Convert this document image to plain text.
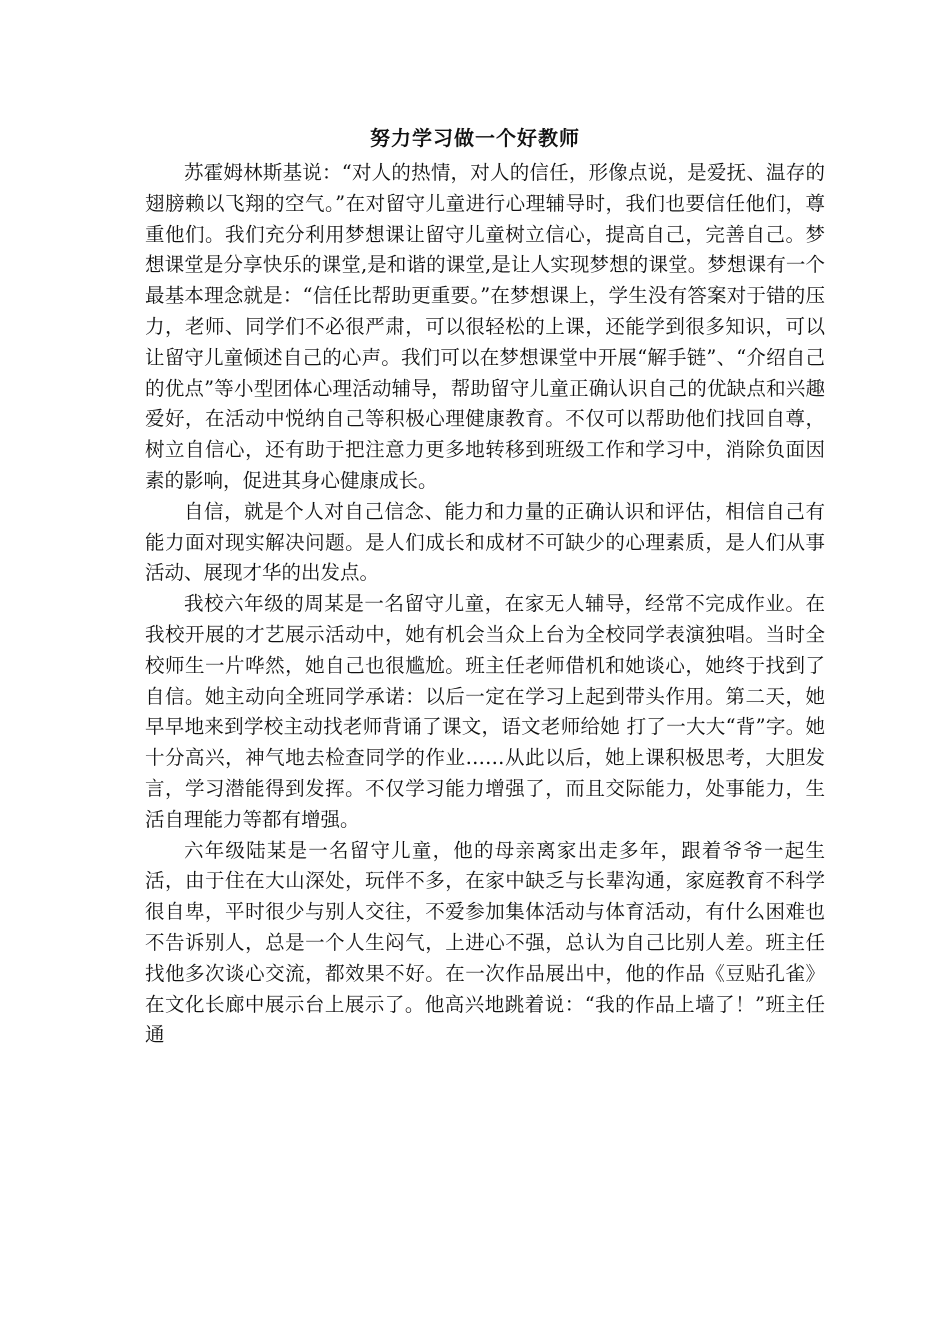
努力学习做一个好教师

苏霍姆林斯基说：“对人的热情，对人的信任，形像点说，是爱抚、温存的翅膀赖以飞翔的空气。”在对留守儿童进行心理辅导时，我们也要信任他们，尊重他们。我们充分利用梦想课让留守儿童树立信心，提高自己，完善自己。梦想课堂是分享快乐的课堂,是和谐的课堂,是让人实现梦想的课堂。梦想课有一个最基本理念就是：“信任比帮助更重要。”在梦想课上，学生没有答案对于错的压力，老师、同学们不必很严肃，可以很轻松的上课，还能学到很多知识，可以让留守儿童倾述自己的心声。我们可以在梦想课堂中开展“解手链”、“介绍自己的优点”等小型团体心理活动辅导，帮助留守儿童正确认识自己的优缺点和兴趣爱好，在活动中悦纳自己等积极心理健康教育。不仅可以帮助他们找回自尊，树立自信心，还有助于把注意力更多地转移到班级工作和学习中，消除负面因素的影响，促进其身心健康成长。

自信，就是个人对自己信念、能力和力量的正确认识和评估，相信自己有能力面对现实解决问题。是人们成长和成材不可缺少的心理素质，是人们从事活动、展现才华的出发点。

我校六年级的周某是一名留守儿童，在家无人辅导，经常不完成作业。在我校开展的才艺展示活动中，她有机会当众上台为全校同学表演独唱。当时全校师生一片哗然，她自己也很尴尬。班主任老师借机和她谈心，她终于找到了自信。她主动向全班同学承诺：以后一定在学习上起到带头作用。第二天，她早早地来到学校主动找老师背诵了课文，语文老师给她 打了一大大“背”字。她十分高兴，神气地去检查同学的作业……从此以后，她上课积极思考，大胆发言，学习潜能得到发挥。不仅学习能力增强了，而且交际能力，处事能力，生活自理能力等都有增强。

六年级陆某是一名留守儿童，他的母亲离家出走多年，跟着爷爷一起生活，由于住在大山深处，玩伴不多，在家中缺乏与长辈沟通，家庭教育不科学很自卑，平时很少与别人交往，不爱参加集体活动与体育活动，有什么困难也不告诉别人，总是一个人生闷气，上进心不强，总认为自己比别人差。班主任找他多次谈心交流，都效果不好。在一次作品展出中，他的作品《豆贴孔雀》在文化长廊中展示台上展示了。他高兴地跳着说：“我的作品上墙了！”班主任通
